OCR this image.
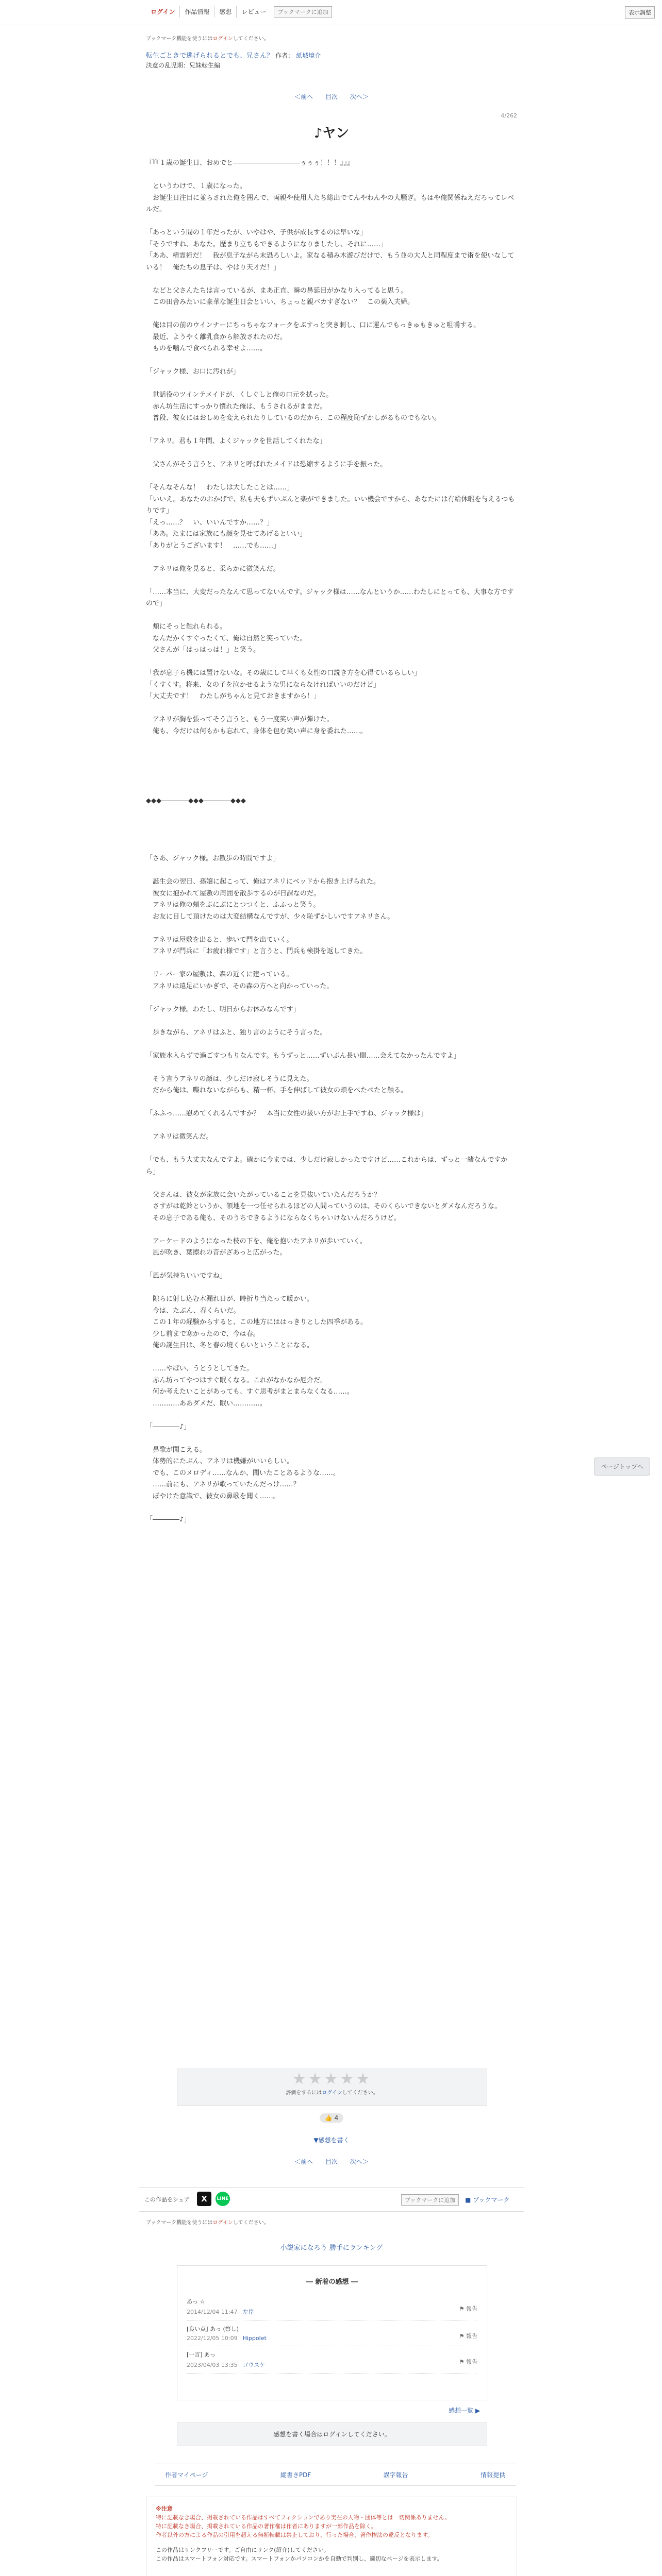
ログイン	作品情報	感想	レビュー	ブックマークに追加	表示調整
ブックマーク機能を使うにはログインしてください。
転生ごときで逃げられるとでも、兄さん？ 作者： 紙城境介
決意の乱児期：兄妹転生編
＜前へ 目次 次へ＞
4/262
♪ヤン

『『『１歳の誕生日、おめでと――――――――――ぅぅぅ！！！』』』

　というわけで、１歳になった。

　お誕生日注目に並らされた俺を囲んで、両親や使用人たち総出でてんやわんやの大騒ぎ。もはや俺関係ねえだろってレベルだ。

「あっという間の１年だったが、いやはや、子供が成長するのは早いな」

「そうですね、あなた。歴まり立ちもできるようになりましたし、それに……」

「ああ、精霊術だ！　我が息子ながら末恐ろしいよ。家なる積み木遊びだけで、もう並の大人と同程度まで術を使いなしている！　俺たちの息子は、やはり天才だ！」

　などと父さんたちは言っているが、まあ正直、瞬の鼻延目がかなり入ってると思う。

　この田舎みたいに豪華な誕生日会といい、ちょっと親バカすぎない？　この薬入夫婦。

　俺は目の前のウインナーにちっちゃなフォークをぶすっと突き刺し、口に運んでもっきゅもきゅと咀嚼する。

　最近、ようやく離乳食から解放されたのだ。

　ものを噛んで食べられる幸せよ……。

「ジャック様、お口に汚れが」

　世話役のツインテメイドが、くしぐしと俺の口元を拭った。

　赤ん坊生活にすっかり慣れた俺は、もうされるがままだ。

　普段、彼女にはおしめを変えられたりしているのだから、この程度恥ずかしがるものでもない。

「アネリ。君も１年間、よくジャックを世話してくれたな」

　父さんがそう言うと、アネリと呼ばれたメイドは恐縮するように手を振った。

「そんなそんな！　わたしは大したことは……」

「いいえ。あなたのおかげで、私も夫もずいぶんと楽ができました。いい機会ですから、あなたには有給休暇を与えるつもりです」

「えっ……？　い、いいんですか……？」

「ああ。たまには家族にも顔を見せてあげるといい」

「ありがとうございます！　……でも……」

　アネリは俺を見ると、柔らかに微笑んだ。

「……本当に、大変だったなんて思ってないんです。ジャック様は……なんというか……わたしにとっても、大事な方ですので」

　頬にそっと触れられる。

　なんだかくすぐったくて、俺は自然と笑っていた。

　父さんが「はっはっは！」と笑う。

「我が息子ら機には置けないな。その歳にして早くも女性の口説き方を心得ているらしい」

「くすくす。将来、女の子を泣かせるような男にならなければいいのだけど」

「大丈夫です！　わたしがちゃんと見ておきますから！」

　アネリが胸を張ってそう言うと、もう一度笑い声が弾けた。

　俺も、今だけは何もかも忘れて、身体を包む笑い声に身を委ねた……。

◆◆◆――――◆◆◆――――◆◆◆

「さあ、ジャック様。お散歩の時間ですよ」

　誕生会の翌日、孫嬢に起こって、俺はアネリにベッドから抱き上げられた。

　彼女に抱かれて屋敷の周囲を散歩するのが日課なのだ。

　アネリは俺の頬をぷにぷにとつつくと、ふふっと笑う。

　お友に目して頂けたのは大変結構なんですが、少々恥ずかしいですアネリさん。

　アネリは屋敷を出ると、歩いて門を出ていく。

　アネリが門兵に「お疲れ様です」と言うと、門兵も検掛を返してきた。

　リーバー家の屋敷は、森の近くに建っている。

　アネリは遠足にいかぎで、その森の方へと向かっていった。

「ジャック様。わたし、明日からお休みなんです」

　歩きながら、アネリはふと、独り言のようにそう言った。

「家族水入らずで過ごすつもりなんです。もうずっと……ずいぶん長い間……会えてなかったんですよ」

　そう言うアネリの顔は、少しだけ寂しそうに見えた。

　だから俺は、喋れないながらも、精一杯、手を伸ばして彼女の頬をぺたぺたと触る。

「ふふっ……慰めてくれるんですか？　本当に女性の扱い方がお上手ですね、ジャック様は」

　アネリは微笑んだ。

「でも、もう大丈夫なんですよ。確かに今までは、少しだけ寂しかったですけど……これからは、ずっと一緒なんですから」

　父さんは、彼女が家族に会いたがっていることを見抜いていたんだろうか？

　さすがは乾鈴というか、領地を一つ任せられるほどの人間っていうのは、そのくらいできないとダメなんだろうな。

　その息子である俺も、そのうちできるようにならなくちゃいけないんだろうけど。

　アーケードのようになった枝の下を、俺を抱いたアネリが歩いていく。

　風が吹き、葉擦れの音がざあっと広がった。

「風が気持ちいいですね」

　隙らに射し込む木漏れ日が、時折り当たって暖かい。

　今は、たぶん、春くらいだ。

　この１年の経験からすると、この地方にははっきりとした四季がある。

　少し前まで寒かったので、今は春。

　俺の誕生日は、冬と春の境くらいということになる。

　……やばい、うとうとしてきた。

　赤ん坊ってやつはすぐ眠くなる。これがなかなか厄介だ。

　何か考えたいことがあっても、すぐ思考がまとまらなくなる……。

　…………ああダメだ、眠い…………。

「――――♪」

　鼻歌が聞こえる。

　体勢的にたぶん、アネリは機嫌がいいらしい。

　でも、このメロディ……なんか、聞いたことあるような……。

　……前にも、アネリが歌っていたんだっけ……？

　ぼやけた意識で、彼女の鼻歌を聞く……。

「――――♪」

★★★★★
評価をするにはログインしてください。
👍 4
▼感想を書く
＜前へ 目次 次へ＞
この作品をシェア	X	LINE	ブックマークに追加	■ ブックマーク
ブックマーク機能を使うにはログインしてください。
小説家になろう 勝手にランキング
― 新着の感想 ―
あっ ☆
2014/12/04 11:47 左岸	⚑ 報告
[良い点] あっ (察し)
2022/12/05 10:09 Hippolet	⚑ 報告
[一言] あっ
2023/04/03 13:35 ゴウスケ	⚑ 報告
感想一覧 ▶
感想を書く場合はログインしてください。
作者マイページ	縦書きPDF	誤字報告	情報提供
※注意
特に記載なき場合、掲載されている作品はすべてフィクションであり実在の人物・団体等とは一切関係ありません。
特に記載なき場合、掲載されている作品の著作権は作者にありますが一部作品を除く。
作者以外の方による作品の引用を超える無断転載は禁止しており、行った場合、著作権法の違反となります。
この作品はリンクフリーです。ご自由にリンク(紹介)してください。
この作品はスマートフォン対応です。スマートフォンかパソコンかを自動で判別し、適切なページを表示します。
ページトップへ
